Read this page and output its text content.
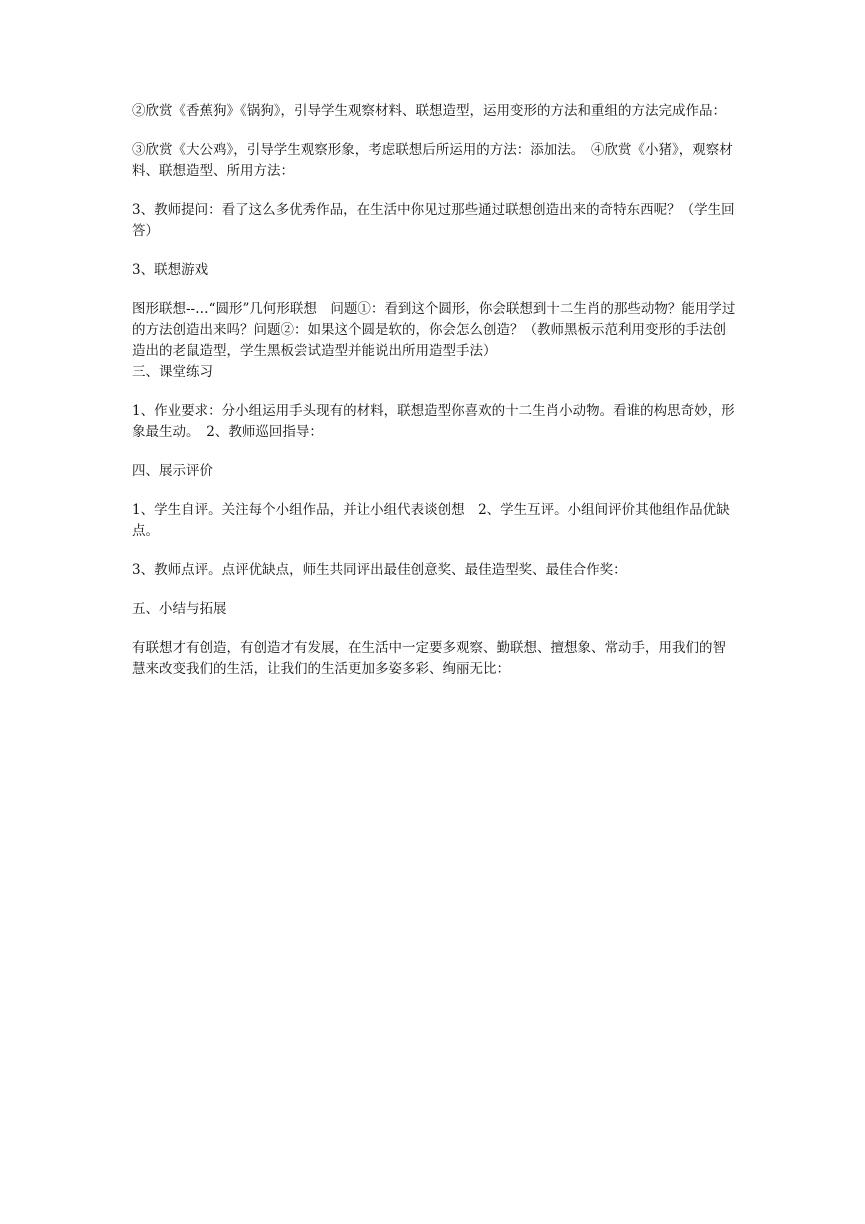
②欣赏《香蕉狗》《锅狗》，引导学生观察材料、联想造型，运用变形的方法和重组的方法完成作品：

③欣赏《大公鸡》，引导学生观察形象，考虑联想后所运用的方法：添加法。　④欣赏《小猪》，观察材料、联想造型、所用方法：

3、教师提问：看了这么多优秀作品，在生活中你见过那些通过联想创造出来的奇特东西呢？（学生回答）

3、联想游戏

图形联想--…“圆形”几何形联想　问题①：看到这个圆形，你会联想到十二生肖的那些动物？能用学过的方法创造出来吗？问题②：如果这个圆是软的，你会怎么创造？（教师黑板示范利用变形的手法创造出的老鼠造型，学生黑板尝试造型并能说出所用造型手法）

三、课堂练习

1、作业要求：分小组运用手头现有的材料，联想造型你喜欢的十二生肖小动物。看谁的构思奇妙，形象最生动。　2、教师巡回指导：

四、展示评价

1、学生自评。关注每个小组作品，并让小组代表谈创想　2、学生互评。小组间评价其他组作品优缺点。

3、教师点评。点评优缺点，师生共同评出最佳创意奖、最佳造型奖、最佳合作奖：

五、小结与拓展

有联想才有创造，有创造才有发展，在生活中一定要多观察、勤联想、擅想象、常动手，用我们的智慧来改变我们的生活，让我们的生活更加多姿多彩、绚丽无比：
